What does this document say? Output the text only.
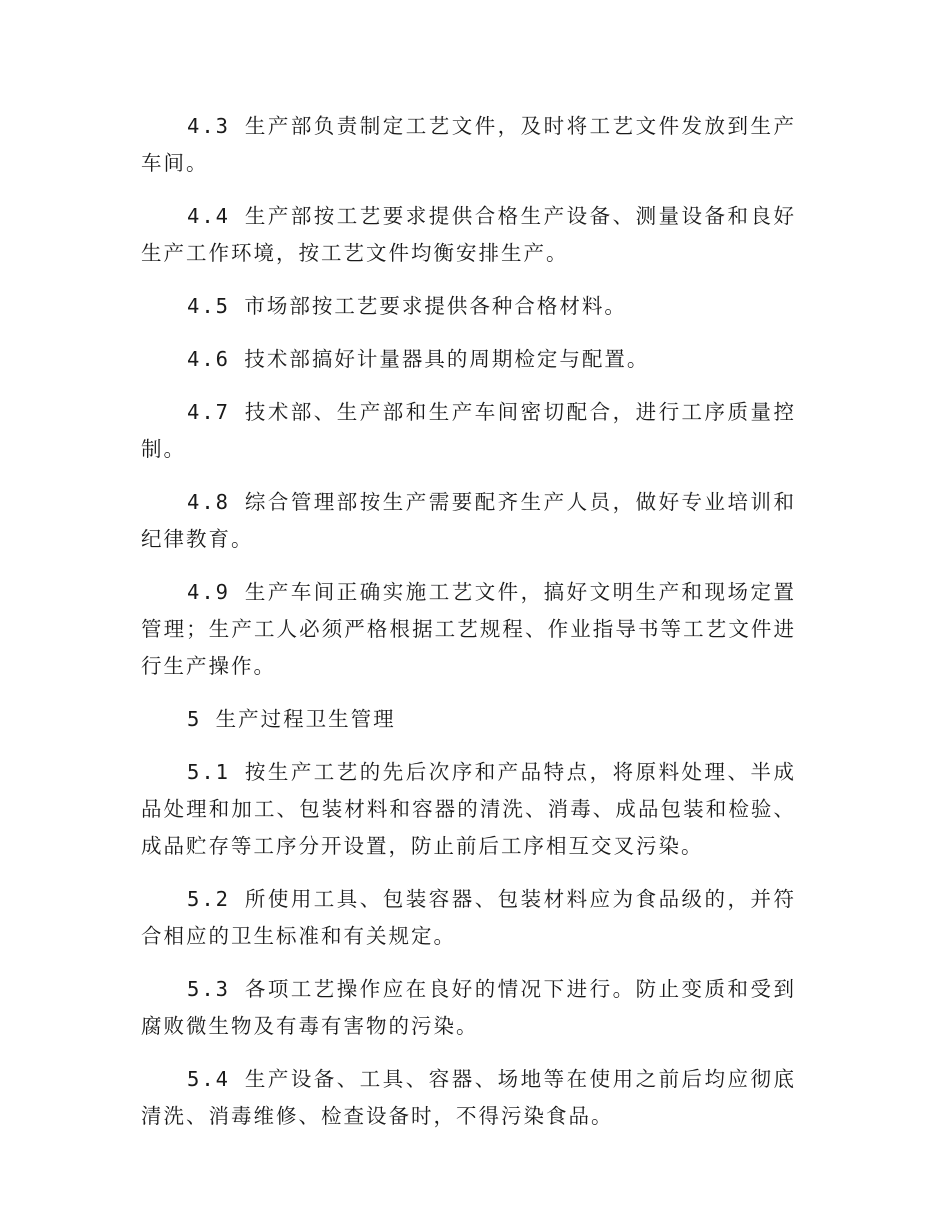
4.3 生产部负责制定工艺文件，及时将工艺文件发放到生产车间。

4.4 生产部按工艺要求提供合格生产设备、测量设备和良好生产工作环境，按工艺文件均衡安排生产。

4.5 市场部按工艺要求提供各种合格材料。

4.6 技术部搞好计量器具的周期检定与配置。

4.7 技术部、生产部和生产车间密切配合，进行工序质量控制。

4.8 综合管理部按生产需要配齐生产人员，做好专业培训和纪律教育。

4.9 生产车间正确实施工艺文件，搞好文明生产和现场定置管理；生产工人必须严格根据工艺规程、作业指导书等工艺文件进行生产操作。

5 生产过程卫生管理

5.1 按生产工艺的先后次序和产品特点，将原料处理、半成品处理和加工、包装材料和容器的清洗、消毒、成品包装和检验、成品贮存等工序分开设置，防止前后工序相互交叉污染。

5.2 所使用工具、包装容器、包装材料应为食品级的，并符合相应的卫生标准和有关规定。

5.3 各项工艺操作应在良好的情况下进行。防止变质和受到腐败微生物及有毒有害物的污染。

5.4 生产设备、工具、容器、场地等在使用之前后均应彻底清洗、消毒维修、检查设备时，不得污染食品。
